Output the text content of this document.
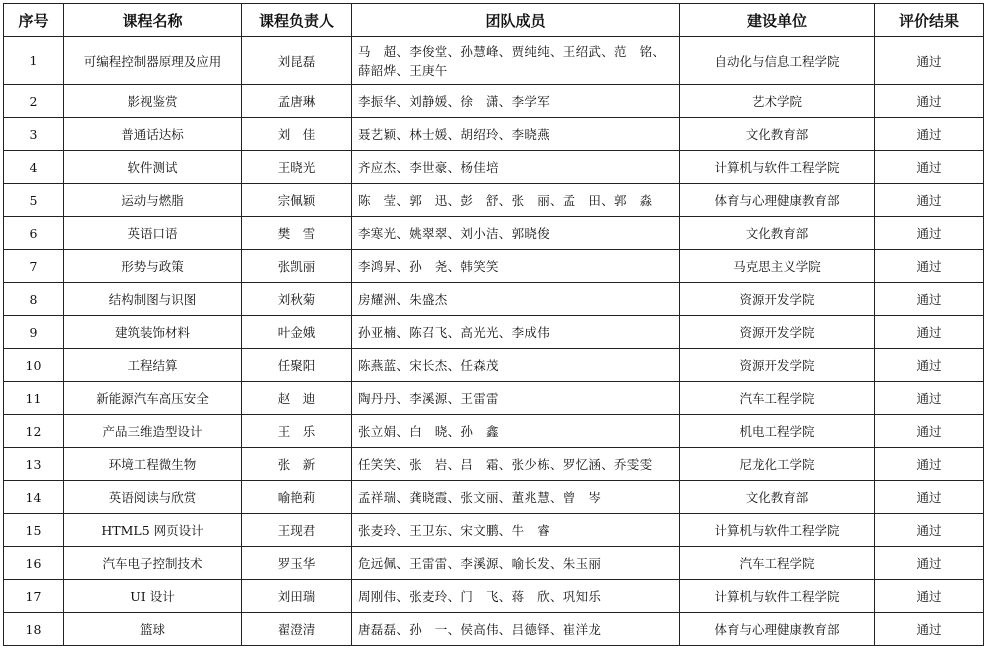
序号	课程名称	课程负责人	团队成员	建设单位	评价结果
1	可编程控制器原理及应用	刘昆磊	马　超、李俊堂、孙慧峰、贾纯纯、王绍武、范　铭、薛韶烨、王庚午	自动化与信息工程学院	通过
2	影视鉴赏	孟唐琳	李振华、刘静媛、徐　潇、李学军	艺术学院	通过
3	普通话达标	刘　佳	聂艺颖、林士媛、胡绍玲、李晓燕	文化教育部	通过
4	软件测试	王晓光	齐应杰、李世豪、杨佳培	计算机与软件工程学院	通过
5	运动与燃脂	宗佩颖	陈　莹、郭　迅、彭　舒、张　丽、孟　田、郭　淼	体育与心理健康教育部	通过
6	英语口语	樊　雪	李寒光、姚翠翠、刘小洁、郭晓俊	文化教育部	通过
7	形势与政策	张凯丽	李鸿昇、孙　尧、韩笑笑	马克思主义学院	通过
8	结构制图与识图	刘秋菊	房耀洲、朱盛杰	资源开发学院	通过
9	建筑装饰材料	叶金娥	孙亚楠、陈召飞、高光光、李成伟	资源开发学院	通过
10	工程结算	任聚阳	陈燕蓝、宋长杰、任森茂	资源开发学院	通过
11	新能源汽车高压安全	赵　迪	陶丹丹、李溪源、王雷雷	汽车工程学院	通过
12	产品三维造型设计	王　乐	张立娟、白　晓、孙　鑫	机电工程学院	通过
13	环境工程微生物	张　新	任笑笑、张　岩、吕　霜、张少栋、罗忆涵、乔雯雯	尼龙化工学院	通过
14	英语阅读与欣赏	喻艳莉	孟祥瑞、龚晓霞、张文丽、董兆慧、曾　岑	文化教育部	通过
15	HTML5 网页设计	王现君	张麦玲、王卫东、宋文鹏、牛　睿	计算机与软件工程学院	通过
16	汽车电子控制技术	罗玉华	危远佩、王雷雷、李溪源、喻长发、朱玉丽	汽车工程学院	通过
17	UI 设计	刘田瑞	周刚伟、张麦玲、门　飞、蒋　欣、巩知乐	计算机与软件工程学院	通过
18	篮球	翟澄清	唐磊磊、孙　一、侯高伟、吕德铎、崔洋龙	体育与心理健康教育部	通过
